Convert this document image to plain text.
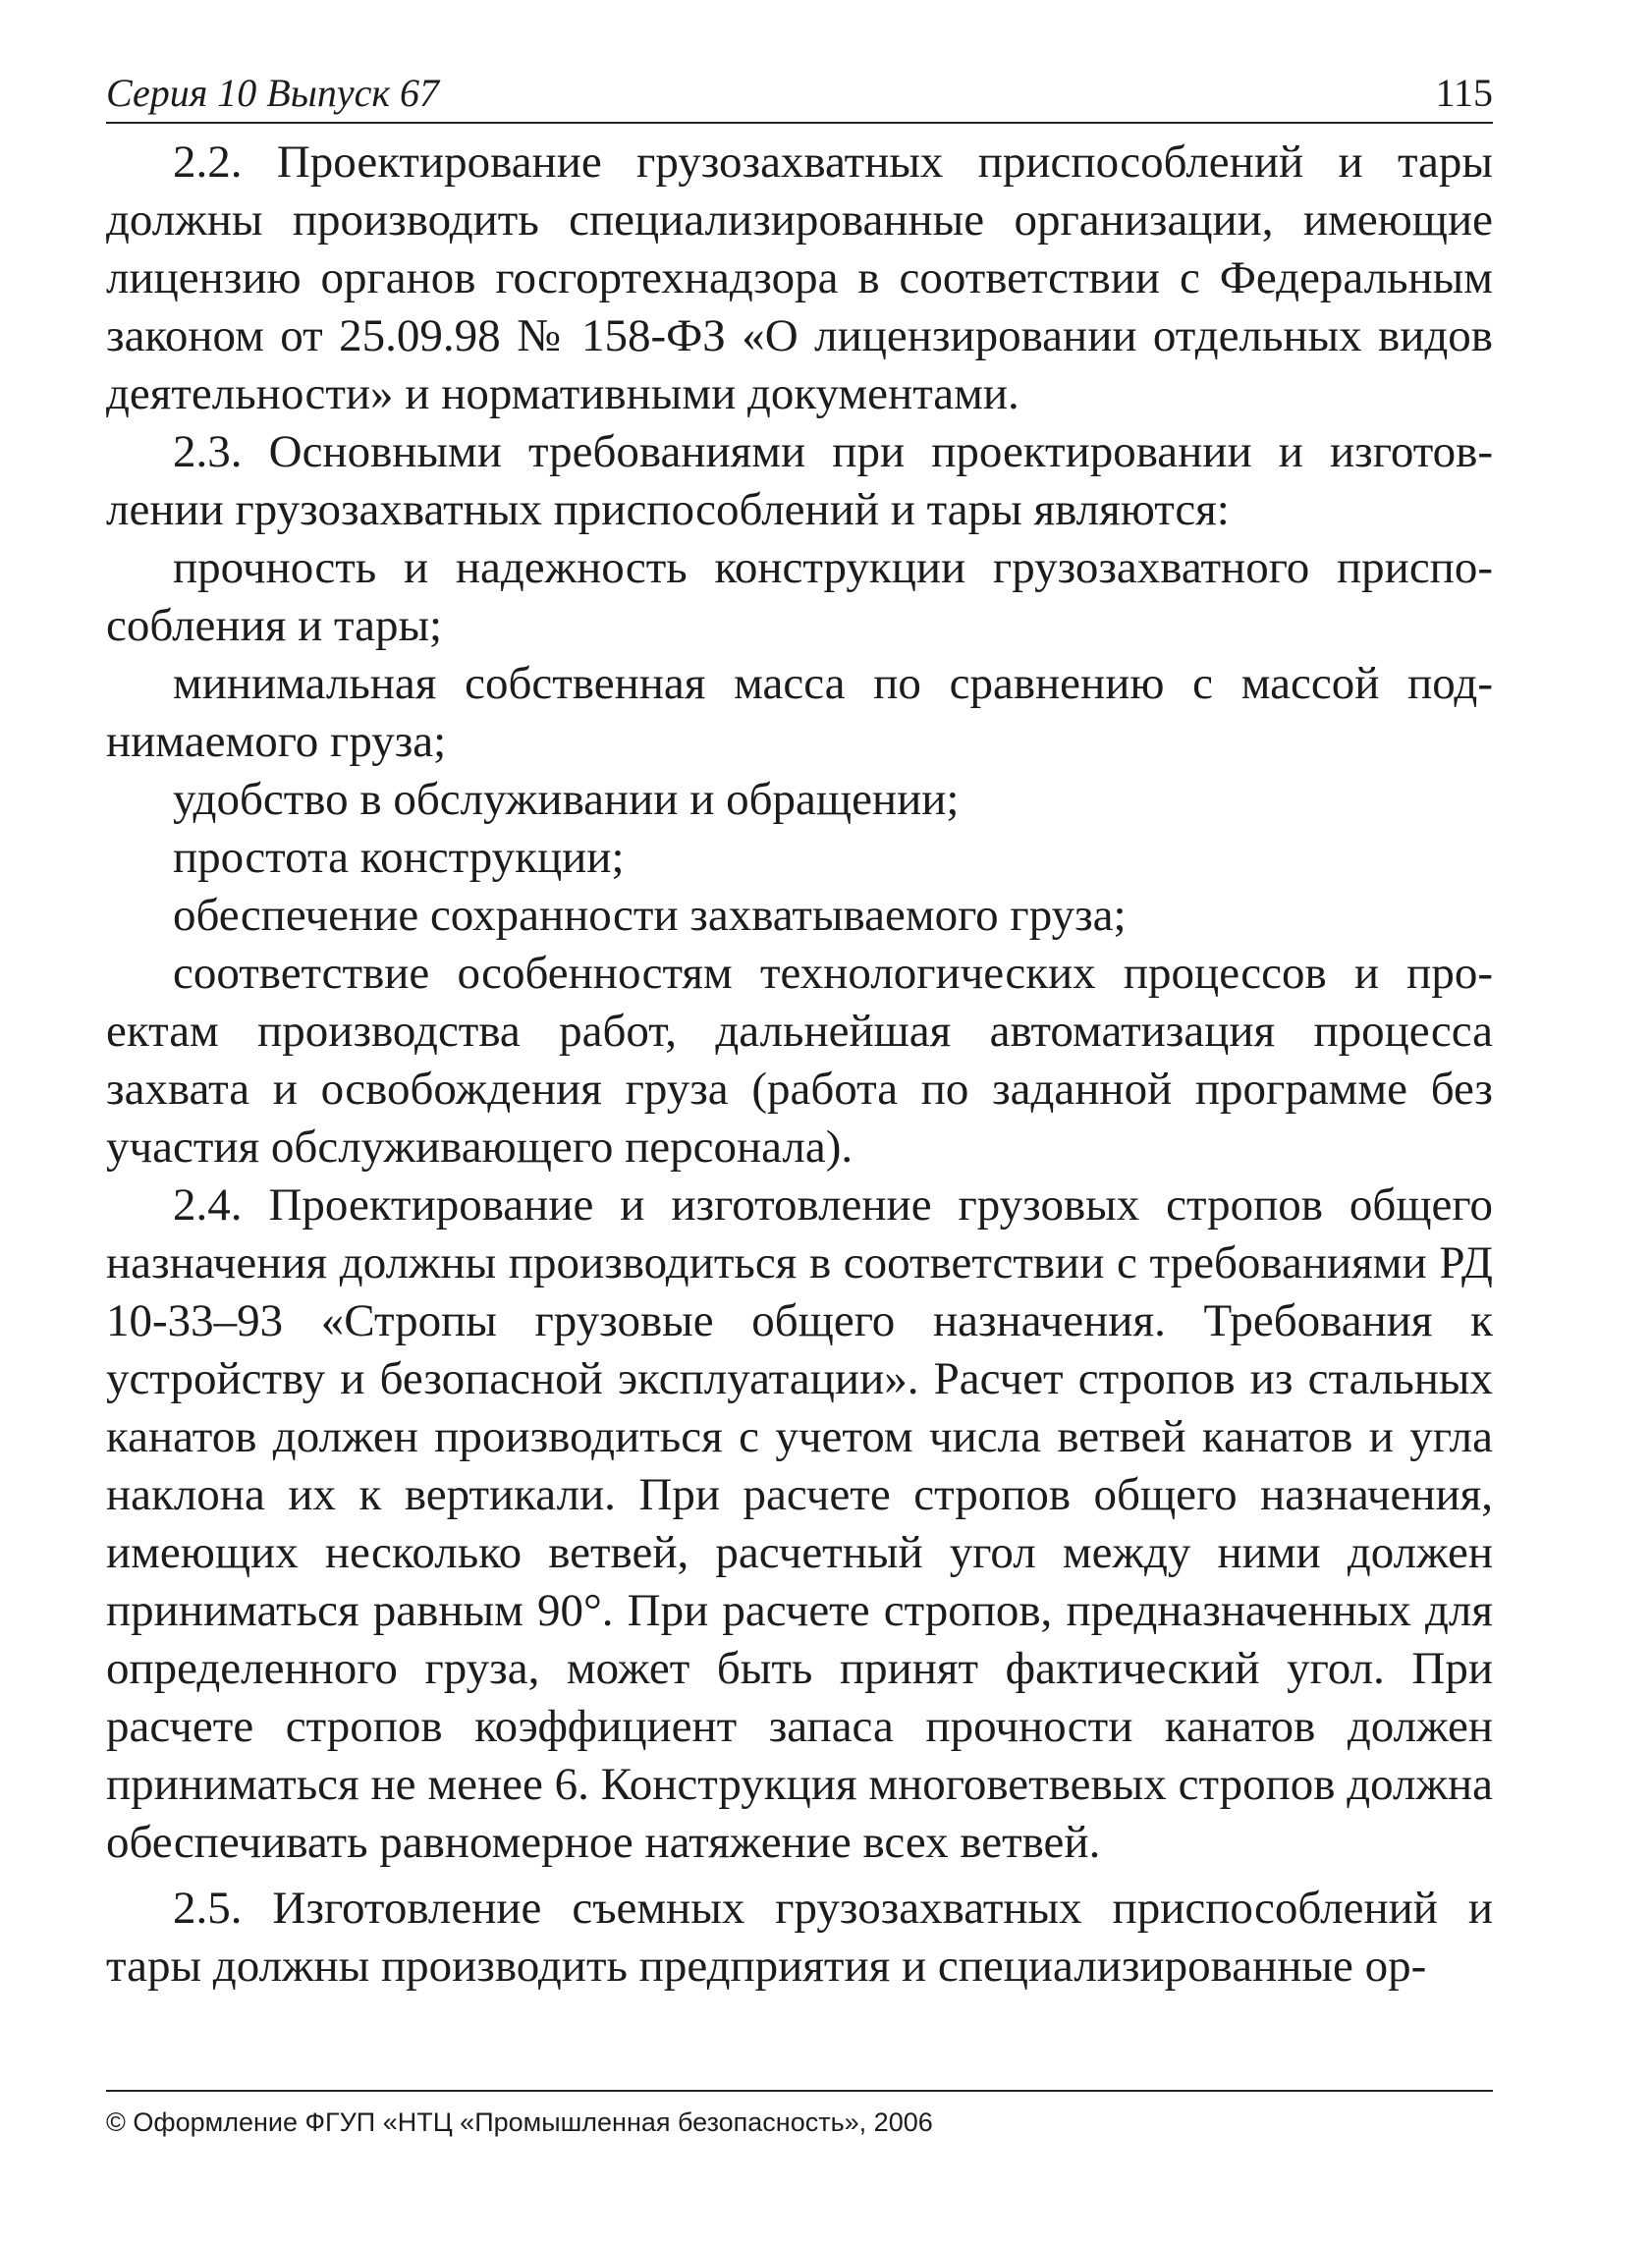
Серия 10 Выпуск 67	115

2.2. Проектирование грузозахватных приспособлений и тары должны производить специализированные организации, имеющие лицензию органов госгортехнадзора в соответствии с Федеральным законом от 25.09.98 № 158-ФЗ «О лицензировании отдельных видов деятельности» и нормативными документами.

2.3. Основными требованиями при проектировании и изготовлении грузозахватных приспособлений и тары являются:

прочность и надежность конструкции грузозахватного приспособления и тары;

минимальная собственная масса по сравнению с массой поднимаемого груза;

удобство в обслуживании и обращении;

простота конструкции;

обеспечение сохранности захватываемого груза;

соответствие особенностям технологических процессов и проектам производства работ, дальнейшая автоматизация процесса захвата и освобождения груза (работа по заданной программе без участия обслуживающего персонала).

2.4. Проектирование и изготовление грузовых стропов общего назначения должны производиться в соответствии с требованиями РД 10-33–93 «Стропы грузовые общего назначения. Требования к устройству и безопасной эксплуатации». Расчет стропов из стальных канатов должен производиться с учетом числа ветвей канатов и угла наклона их к вертикали. При расчете стропов общего назначения, имеющих несколько ветвей, расчетный угол между ними должен приниматься равным 90°. При расчете стропов, предназначенных для определенного груза, может быть принят фактический угол. При расчете стропов коэффициент запаса прочности канатов должен приниматься не менее 6. Конструкция многоветвевых стропов должна обеспечивать равномерное натяжение всех ветвей.

2.5. Изготовление съемных грузозахватных приспособлений и тары должны производить предприятия и специализированные ор-

© Оформление ФГУП «НТЦ «Промышленная безопасность», 2006
